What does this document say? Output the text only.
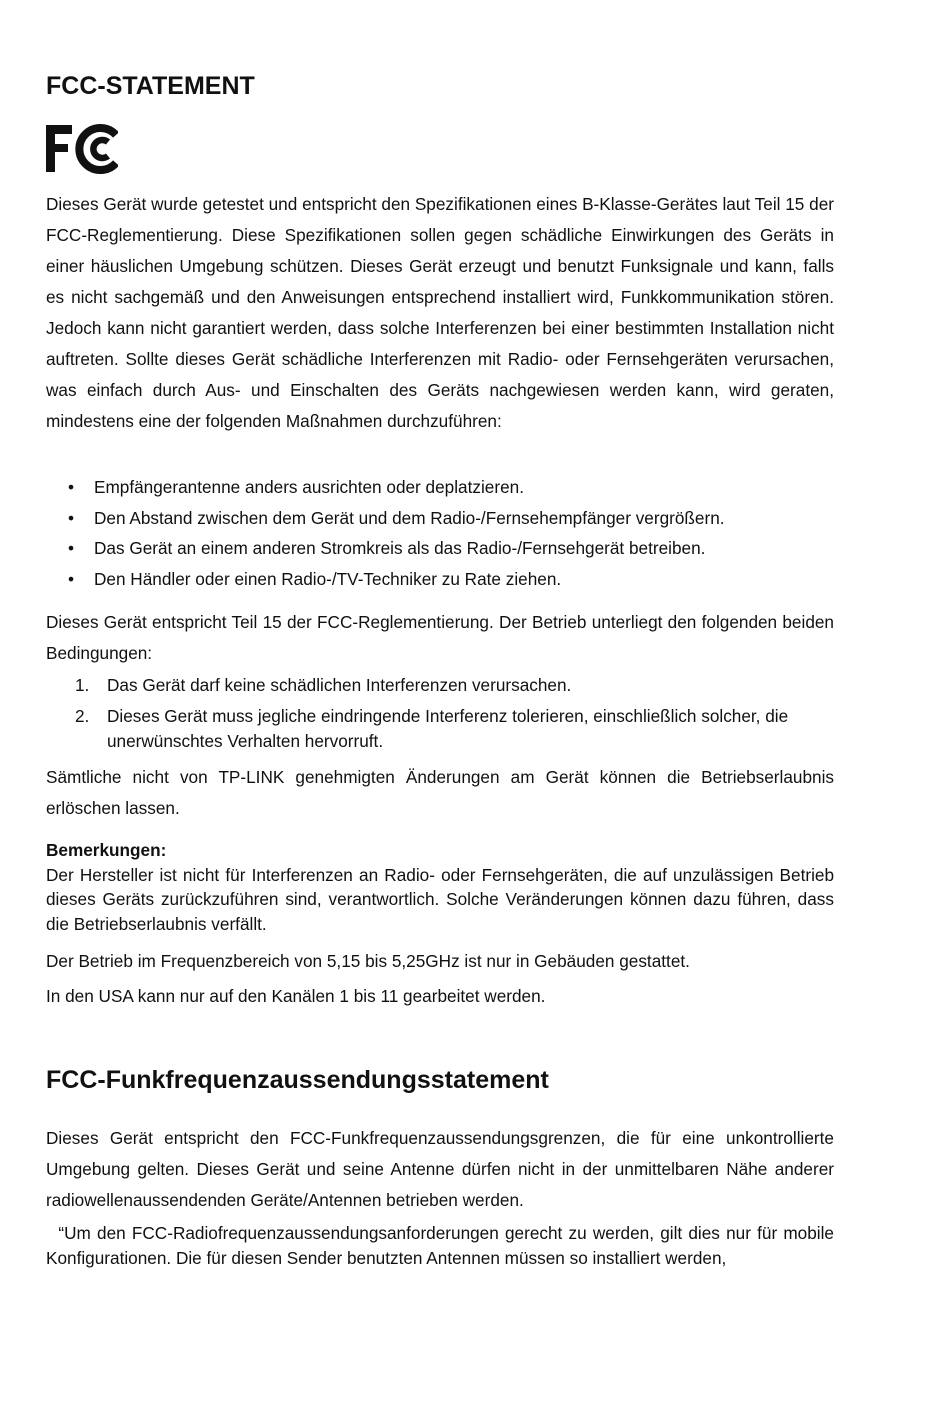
FCC-STATEMENT

Dieses Gerät wurde getestet und entspricht den Spezifikationen eines B-Klasse-Gerätes laut Teil 15 der FCC-Reglementierung. Diese Spezifikationen sollen gegen schädliche Einwirkungen des Geräts in einer häuslichen Umgebung schützen. Dieses Gerät erzeugt und benutzt Funksignale und kann, falls es nicht sachgemäß und den Anweisungen entsprechend installiert wird, Funkkommunikation stören. Jedoch kann nicht garantiert werden, dass solche Interferenzen bei einer bestimmten Installation nicht auftreten. Sollte dieses Gerät schädliche Interferenzen mit Radio- oder Fernsehgeräten verursachen, was einfach durch Aus- und Einschalten des Geräts nachgewiesen werden kann, wird geraten, mindestens eine der folgenden Maßnahmen durchzuführen:

• Empfängerantenne anders ausrichten oder deplatzieren.
• Den Abstand zwischen dem Gerät und dem Radio-/Fernsehempfänger vergrößern.
• Das Gerät an einem anderen Stromkreis als das Radio-/Fernsehgerät betreiben.
• Den Händler oder einen Radio-/TV-Techniker zu Rate ziehen.

Dieses Gerät entspricht Teil 15 der FCC-Reglementierung. Der Betrieb unterliegt den folgenden beiden Bedingungen:

1. Das Gerät darf keine schädlichen Interferenzen verursachen.
2. Dieses Gerät muss jegliche eindringende Interferenz tolerieren, einschließlich solcher, die unerwünschtes Verhalten hervorruft.

Sämtliche nicht von TP-LINK genehmigten Änderungen am Gerät können die Betriebserlaubnis erlöschen lassen.

Bemerkungen:

Der Hersteller ist nicht für Interferenzen an Radio- oder Fernsehgeräten, die auf unzulässigen Betrieb dieses Geräts zurückzuführen sind, verantwortlich. Solche Veränderungen können dazu führen, dass die Betriebserlaubnis verfällt.

Der Betrieb im Frequenzbereich von 5,15 bis 5,25GHz ist nur in Gebäuden gestattet.

In den USA kann nur auf den Kanälen 1 bis 11 gearbeitet werden.

FCC-Funkfrequenzaussendungsstatement

Dieses Gerät entspricht den FCC-Funkfrequenzaussendungsgrenzen, die für eine unkontrollierte Umgebung gelten. Dieses Gerät und seine Antenne dürfen nicht in der unmittelbaren Nähe anderer radiowellenaussendenden Geräte/Antennen betrieben werden.

“Um den FCC-Radiofrequenzaussendungsanforderungen gerecht zu werden, gilt dies nur für mobile Konfigurationen. Die für diesen Sender benutzten Antennen müssen so installiert werden,
